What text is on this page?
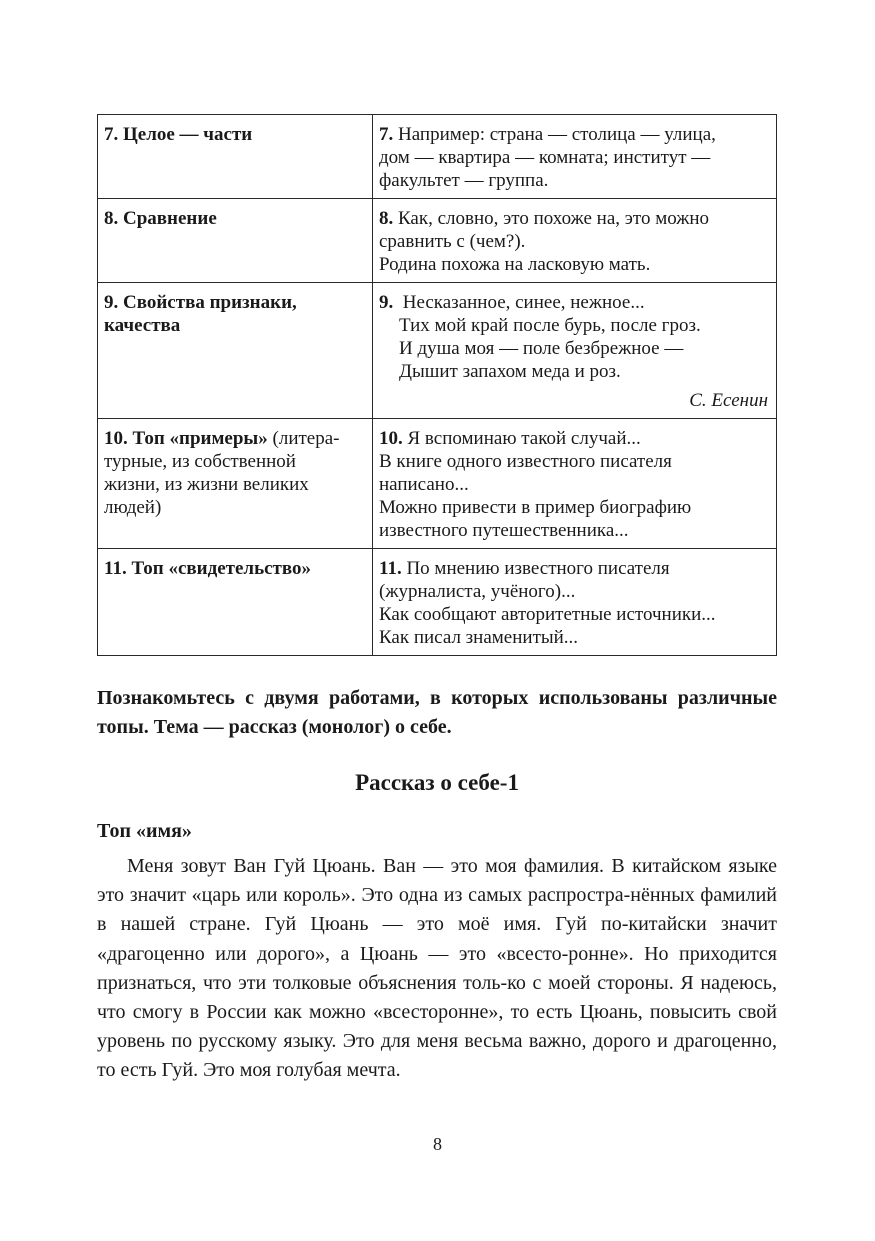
7. Целое — части	7. Например: страна — столица — улица,
дом — квартира — комната; институт —
факультет — группа.

8. Сравнение	8. Как, словно, это похоже на, это можно
сравнить с (чем?).
Родина похожа на ласковую мать.

9. Свойства признаки,
качества	9. Несказанное, синее, нежное...
Тих мой край после бурь, после гроз.
И душа моя — поле безбрежное —
Дышит запахом меда и роз.
С. Есенин

10. Топ «примеры» (литера-
турные, из собственной
жизни, из жизни великих
людей)	10. Я вспоминаю такой случай...
В книге одного известного писателя
написано...
Можно привести в пример биографию
известного путешественника...

11. Топ «свидетельство»	11. По мнению известного писателя
(журналиста, учёного)...
Как сообщают авторитетные источники...
Как писал знаменитый...
Познакомьтесь с двумя работами, в которых использованы различные топы. Тема — рассказ (монолог) о себе.
Рассказ о себе-1
Топ «имя»
Меня зовут Ван Гуй Цюань. Ван — это моя фамилия. В китайском языке это значит «царь или король». Это одна из самых распростра-нённых фамилий в нашей стране. Гуй Цюань — это моё имя. Гуй по-китайски значит «драгоценно или дорого», а Цюань — это «всесто-ронне». Но приходится признаться, что эти толковые объяснения толь-ко с моей стороны. Я надеюсь, что смогу в России как можно «всесторонне», то есть Цюань, повысить свой уровень по русскому языку. Это для меня весьма важно, дорого и драгоценно, то есть Гуй. Это моя голубая мечта.
8
